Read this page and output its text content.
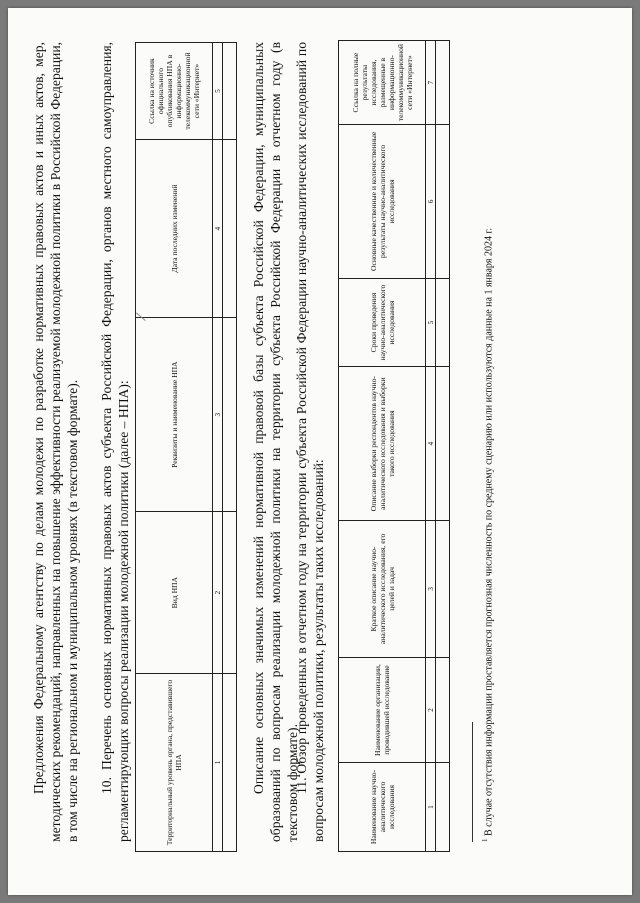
Предложения Федеральному агентству по делам молодежи по разработке нормативных правовых актов и иных актов, мер, методических рекомендаций, направленных на повышение эффективности реализуемой молодежной политики в Российской Федерации, в том числе на региональном и муниципальном уровнях (в текстовом формате). 10. Перечень основных нормативных правовых актов субъекта Российской Федерации, органов местного самоуправления, регламентирующих вопросы реализации молодежной политики (далее – НПА):	Территориальный уровень органа, представившего НПА	Вид НПА	Реквизиты и наименование НПА	Дата последних изменений	Ссылка на источник официального опубликования НПА в информационно-телекоммуникационной сети «Интернет»
1	2	3	4	5
				Описание основных значимых изменений нормативной правовой базы субъекта Российской Федерации, муниципальных образований по вопросам реализации молодежной политики на территории субъекта Российской Федерации в отчетном году (в текстовом формате).

11. Обзор проведенных в отчетном году на территории субъекта Российской Федерации научно-аналитических исследований по вопросам молодежной политики, результаты таких исследований:	Наименование научно-аналитического исследования	Наименование организации, проводившей исследование	Краткое описание научно-аналитического исследования, его целей и задач	Описание выборки респондентов научно-аналитического исследования и выборки такого исследования	Сроки проведения научно-аналитического исследования	Основные качественные и количественные результаты научно-аналитического исследования	Ссылка на полные результаты исследования, размещенные в информационно-телекоммуникационной сети «Интернет»
1	2	3	4	5	6	7

$^1$ В случае отсутствия информации проставляется прогнозная численность по среднему сценарию или используются данные на 1 января 2024 г.
